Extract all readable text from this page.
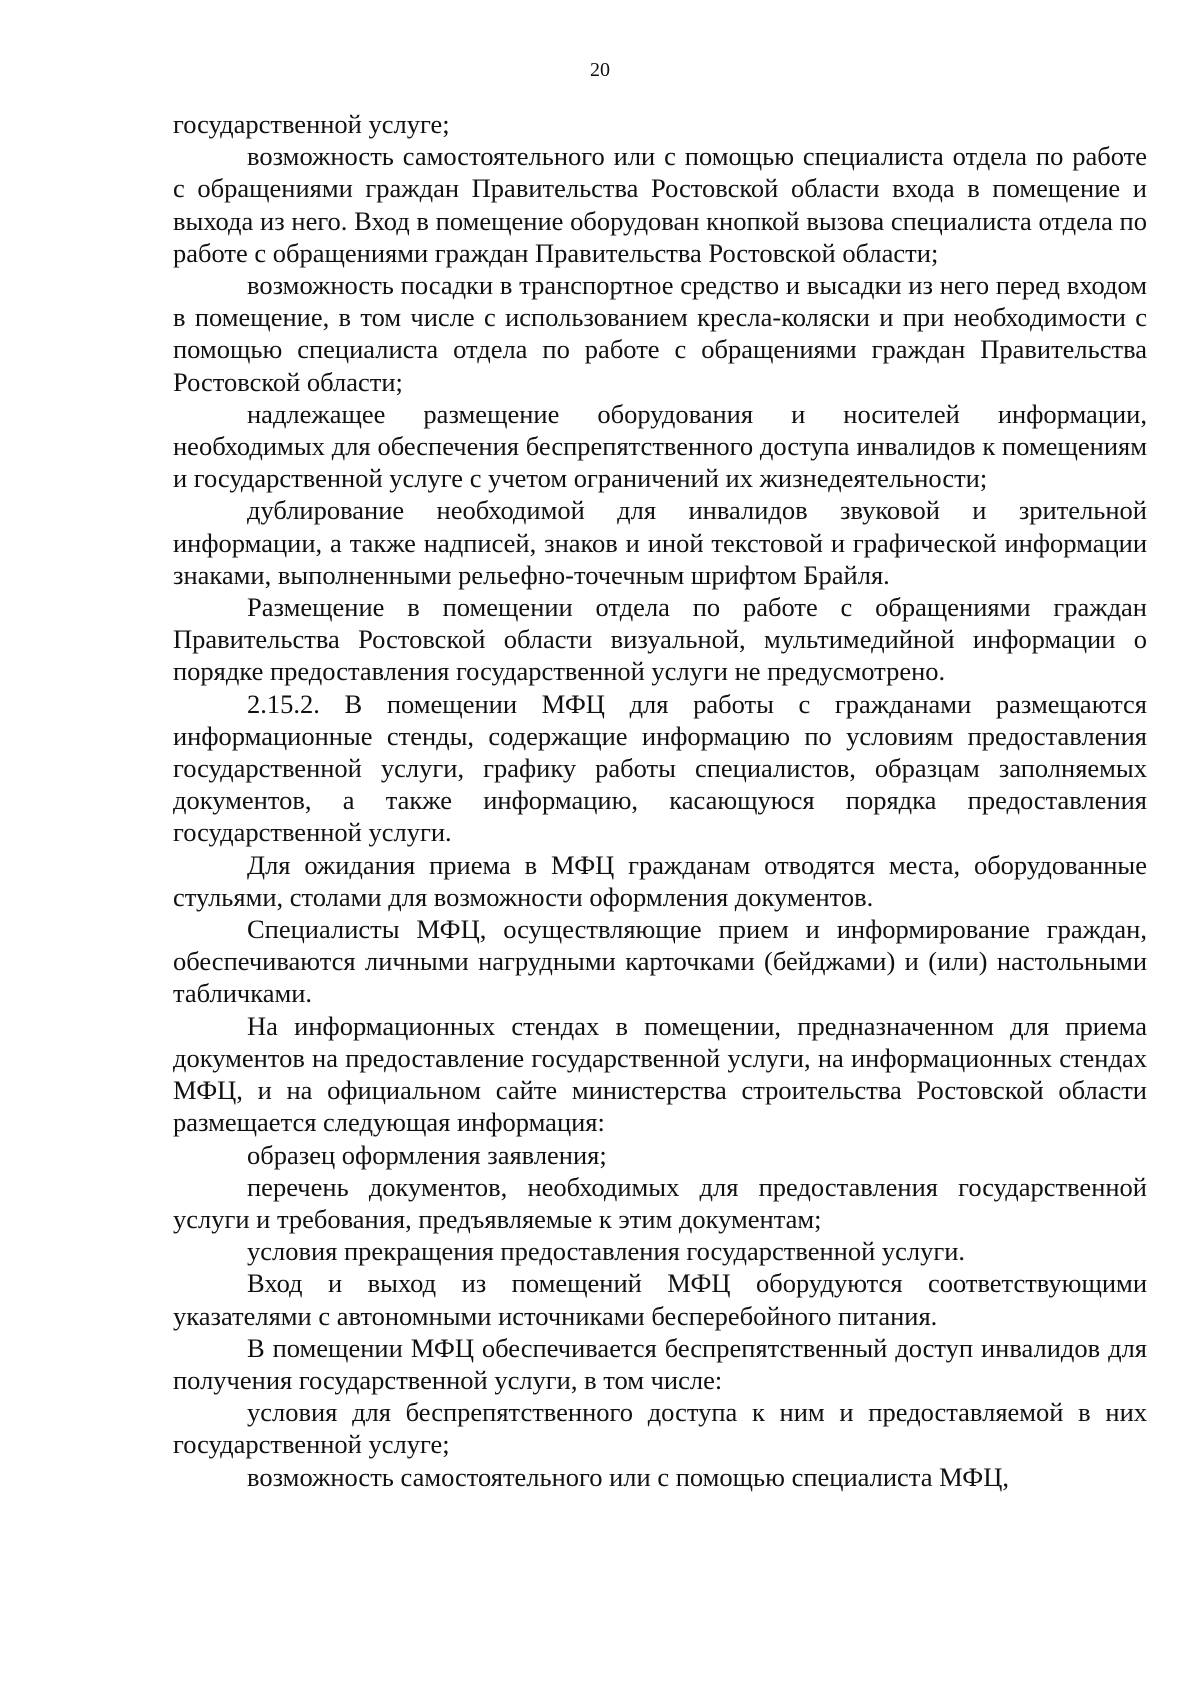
20

государственной услуге;

возможность самостоятельного или с помощью специалиста отдела по работе с обращениями граждан Правительства Ростовской области входа в помещение и выхода из него. Вход в помещение оборудован кнопкой вызова специалиста отдела по работе с обращениями граждан Правительства Ростовской области;

возможность посадки в транспортное средство и высадки из него перед входом в помещение, в том числе с использованием кресла-коляски и при необходимости с помощью специалиста отдела по работе с обращениями граждан Правительства Ростовской области;

надлежащее размещение оборудования и носителей информации, необходимых для обеспечения беспрепятственного доступа инвалидов к помещениям и государственной услуге с учетом ограничений их жизнедеятельности;

дублирование необходимой для инвалидов звуковой и зрительной информации, а также надписей, знаков и иной текстовой и графической информации знаками, выполненными рельефно-точечным шрифтом Брайля.

Размещение в помещении отдела по работе с обращениями граждан Правительства Ростовской области визуальной, мультимедийной информации о порядке предоставления государственной услуги не предусмотрено.

2.15.2. В помещении МФЦ для работы с гражданами размещаются информационные стенды, содержащие информацию по условиям предоставления государственной услуги, графику работы специалистов, образцам заполняемых документов, а также информацию, касающуюся порядка предоставления государственной услуги.

Для ожидания приема в МФЦ гражданам отводятся места, оборудованные стульями, столами для возможности оформления документов.

Специалисты МФЦ, осуществляющие прием и информирование граждан, обеспечиваются личными нагрудными карточками (бейджами) и (или) настольными табличками.

На информационных стендах в помещении, предназначенном для приема документов на предоставление государственной услуги, на информационных стендах МФЦ, и на официальном сайте министерства строительства Ростовской области размещается следующая информация:

образец оформления заявления;

перечень документов, необходимых для предоставления государственной услуги и требования, предъявляемые к этим документам;

условия прекращения предоставления государственной услуги.

Вход и выход из помещений МФЦ оборудуются соответствующими указателями с автономными источниками бесперебойного питания.

В помещении МФЦ обеспечивается беспрепятственный доступ инвалидов для получения государственной услуги, в том числе:

условия для беспрепятственного доступа к ним и предоставляемой в них государственной услуге;

возможность самостоятельного или с помощью специалиста МФЦ,
